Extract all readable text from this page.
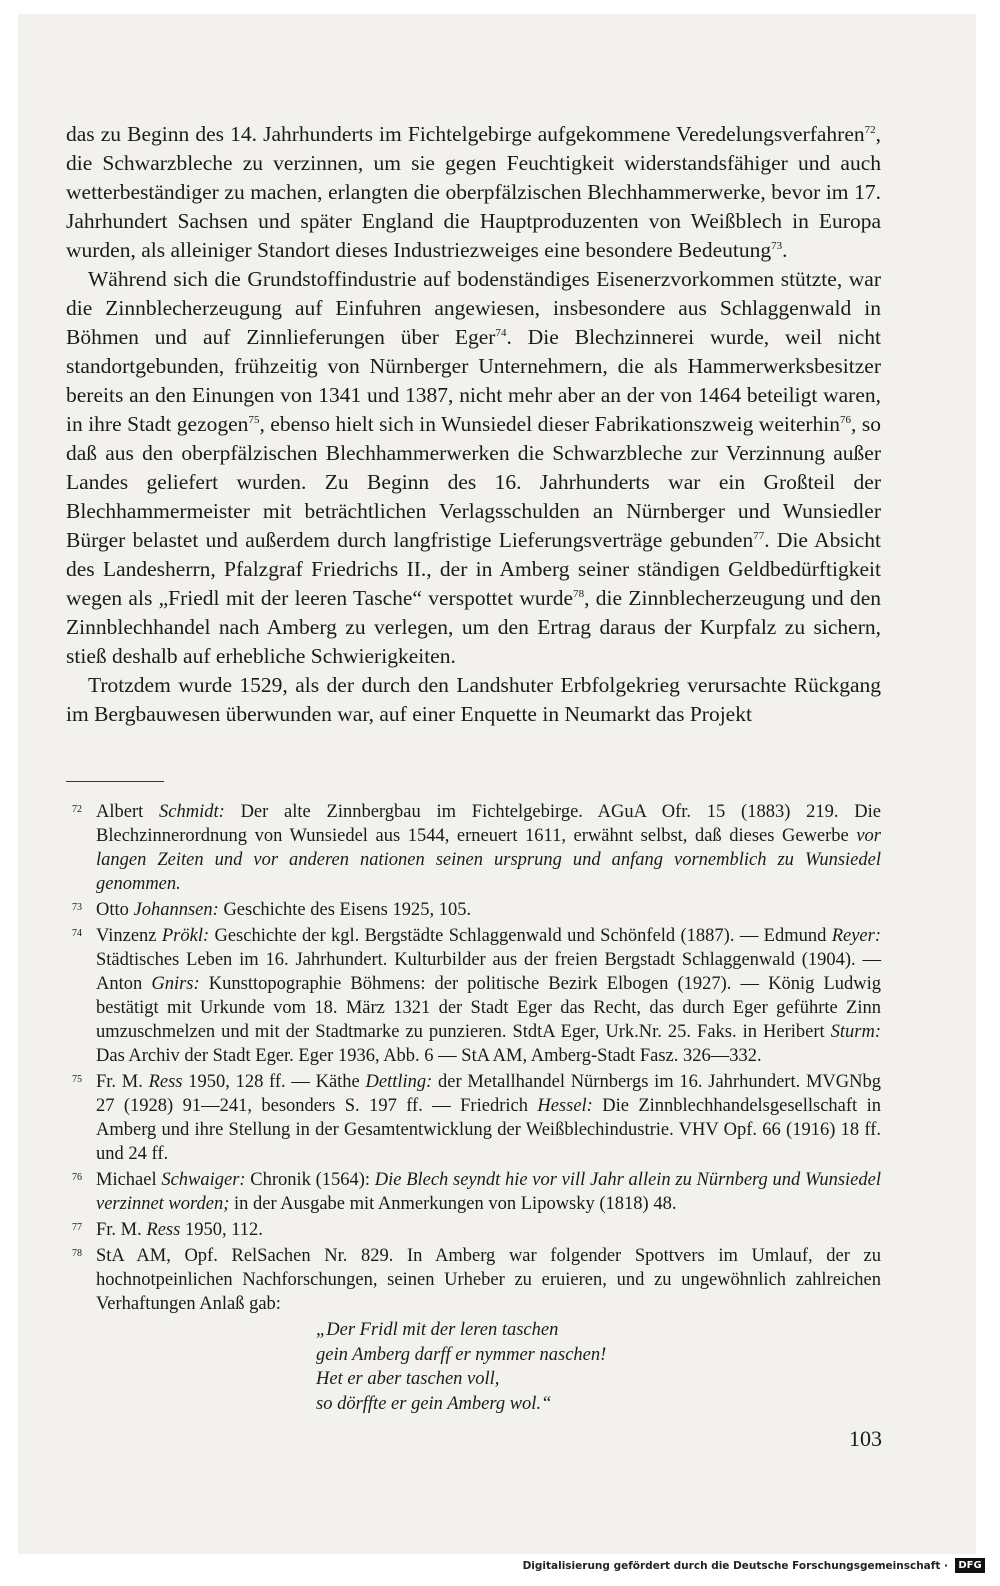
das zu Beginn des 14. Jahrhunderts im Fichtelgebirge aufgekommene Veredelungsverfahren$^{72}$, die Schwarzbleche zu verzinnen, um sie gegen Feuchtigkeit widerstandsfähiger und auch wetterbeständiger zu machen, erlangten die oberpfälzischen Blechhammerwerke, bevor im 17. Jahrhundert Sachsen und später England die Hauptproduzenten von Weißblech in Europa wurden, als alleiniger Standort dieses Industriezweiges eine besondere Bedeutung$^{73}$.

Während sich die Grundstoffindustrie auf bodenständiges Eisenerzvorkommen stützte, war die Zinnblecherzeugung auf Einfuhren angewiesen, insbesondere aus Schlaggenwald in Böhmen und auf Zinnlieferungen über Eger$^{74}$. Die Blechzinnerei wurde, weil nicht standortgebunden, frühzeitig von Nürnberger Unternehmern, die als Hammerwerksbesitzer bereits an den Einungen von 1341 und 1387, nicht mehr aber an der von 1464 beteiligt waren, in ihre Stadt gezogen$^{75}$, ebenso hielt sich in Wunsiedel dieser Fabrikationszweig weiterhin$^{76}$, so daß aus den oberpfälzischen Blechhammerwerken die Schwarzbleche zur Verzinnung außer Landes geliefert wurden. Zu Beginn des 16. Jahrhunderts war ein Großteil der Blechhammermeister mit beträchtlichen Verlagsschulden an Nürnberger und Wunsiedler Bürger belastet und außerdem durch langfristige Lieferungsverträge gebunden$^{77}$. Die Absicht des Landesherrn, Pfalzgraf Friedrichs II., der in Amberg seiner ständigen Geldbedürftigkeit wegen als „Friedl mit der leeren Tasche“ verspottet wurde$^{78}$, die Zinnblecherzeugung und den Zinnblechhandel nach Amberg zu verlegen, um den Ertrag daraus der Kurpfalz zu sichern, stieß deshalb auf erhebliche Schwierigkeiten.

Trotzdem wurde 1529, als der durch den Landshuter Erbfolgekrieg verursachte Rückgang im Bergbauwesen überwunden war, auf einer Enquette in Neumarkt das Projekt

72 Albert Schmidt: Der alte Zinnbergbau im Fichtelgebirge. AGuA Ofr. 15 (1883) 219. Die Blechzinnerordnung von Wunsiedel aus 1544, erneuert 1611, erwähnt selbst, daß dieses Gewerbe vor langen Zeiten und vor anderen nationen seinen ursprung und anfang vornemblich zu Wunsiedel genommen.
73 Otto Johannsen: Geschichte des Eisens 1925, 105.
74 Vinzenz Prökl: Geschichte der kgl. Bergstädte Schlaggenwald und Schönfeld (1887). — Edmund Reyer: Städtisches Leben im 16. Jahrhundert. Kulturbilder aus der freien Bergstadt Schlaggenwald (1904). — Anton Gnirs: Kunsttopographie Böhmens: der politische Bezirk Elbogen (1927). — König Ludwig bestätigt mit Urkunde vom 18. März 1321 der Stadt Eger das Recht, das durch Eger geführte Zinn umzuschmelzen und mit der Stadtmarke zu punzieren. StdtA Eger, Urk.Nr. 25. Faks. in Heribert Sturm: Das Archiv der Stadt Eger. Eger 1936, Abb. 6 — StA AM, Amberg-Stadt Fasz. 326—332.
75 Fr. M. Ress 1950, 128 ff. — Käthe Dettling: der Metallhandel Nürnbergs im 16. Jahrhundert. MVGNbg 27 (1928) 91—241, besonders S. 197 ff. — Friedrich Hessel: Die Zinnblechhandelsgesellschaft in Amberg und ihre Stellung in der Gesamtentwicklung der Weißblechindustrie. VHV Opf. 66 (1916) 18 ff. und 24 ff.
76 Michael Schwaiger: Chronik (1564): Die Blech seyndt hie vor vill Jahr allein zu Nürnberg und Wunsiedel verzinnet worden; in der Ausgabe mit Anmerkungen von Lipowsky (1818) 48.
77 Fr. M. Ress 1950, 112.
78 StA AM, Opf. RelSachen Nr. 829. In Amberg war folgender Spottvers im Umlauf, der zu hochnotpeinlichen Nachforschungen, seinen Urheber zu eruieren, und zu ungewöhnlich zahlreichen Verhaftungen Anlaß gab:
„Der Fridl mit der leren taschen
gein Amberg darff er nymmer naschen!
Het er aber taschen voll,
so dörffte er gein Amberg wol.“
103
Digitalisierung gefördert durch die Deutsche Forschungsgemeinschaft ·	DFG
